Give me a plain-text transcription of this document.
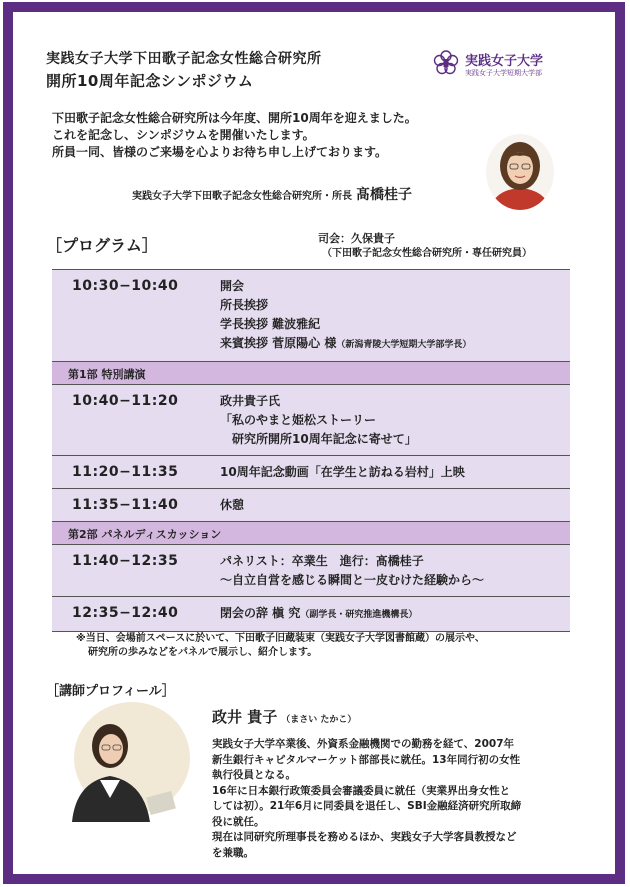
実践女子大学下田歌子記念女性総合研究所
開所10周年記念シンポジウム
実践女子大学
実践女子大学短期大学部
下田歌子記念女性総合研究所は今年度、開所10周年を迎えました。
これを記念し、シンポジウムを開催いたします。
所員一同、皆様のご来場を心よりお待ち申し上げております。
実践女子大学下田歌子記念女性総合研究所・所長 髙橋桂子
［プログラム］	司会：久保貴子
（下田歌子記念女性総合研究所・専任研究員）
10:30−10:40	開会
所長挨拶
学長挨拶 難波雅紀
来賓挨拶 菅原陽心 様（新潟青陵大学短期大学部学長）
第1部 特別講演
10:40−11:20	政井貴子氏
「私のやまと姫松ストーリー
　研究所開所10周年記念に寄せて」
11:20−11:35	10周年記念動画「在学生と訪ねる岩村」上映
11:35−11:40	休憩
第2部 パネルディスカッション
11:40−12:35	パネリスト：卒業生　進行：髙橋桂子
〜自立自営を感じる瞬間と一皮むけた経験から〜
12:35−12:40	閉会の辞 槇 究（副学長・研究推進機構長）
※当日、会場前スペースに於いて、下田歌子旧蔵装束（実践女子大学図書館蔵）の展示や、
研究所の歩みなどをパネルで展示し、紹介します。
［講師プロフィール］
政井 貴子 （まさい たかこ）
実践女子大学卒業後、外資系金融機関での勤務を経て、2007年
新生銀行キャピタルマーケット部部長に就任。13年同行初の女性
執行役員となる。
16年に日本銀行政策委員会審議委員に就任（実業界出身女性と
しては初）。21年6月に同委員を退任し、SBI金融経済研究所取締
役に就任。
現在は同研究所理事長を務めるほか、実践女子大学客員教授など
を兼職。
